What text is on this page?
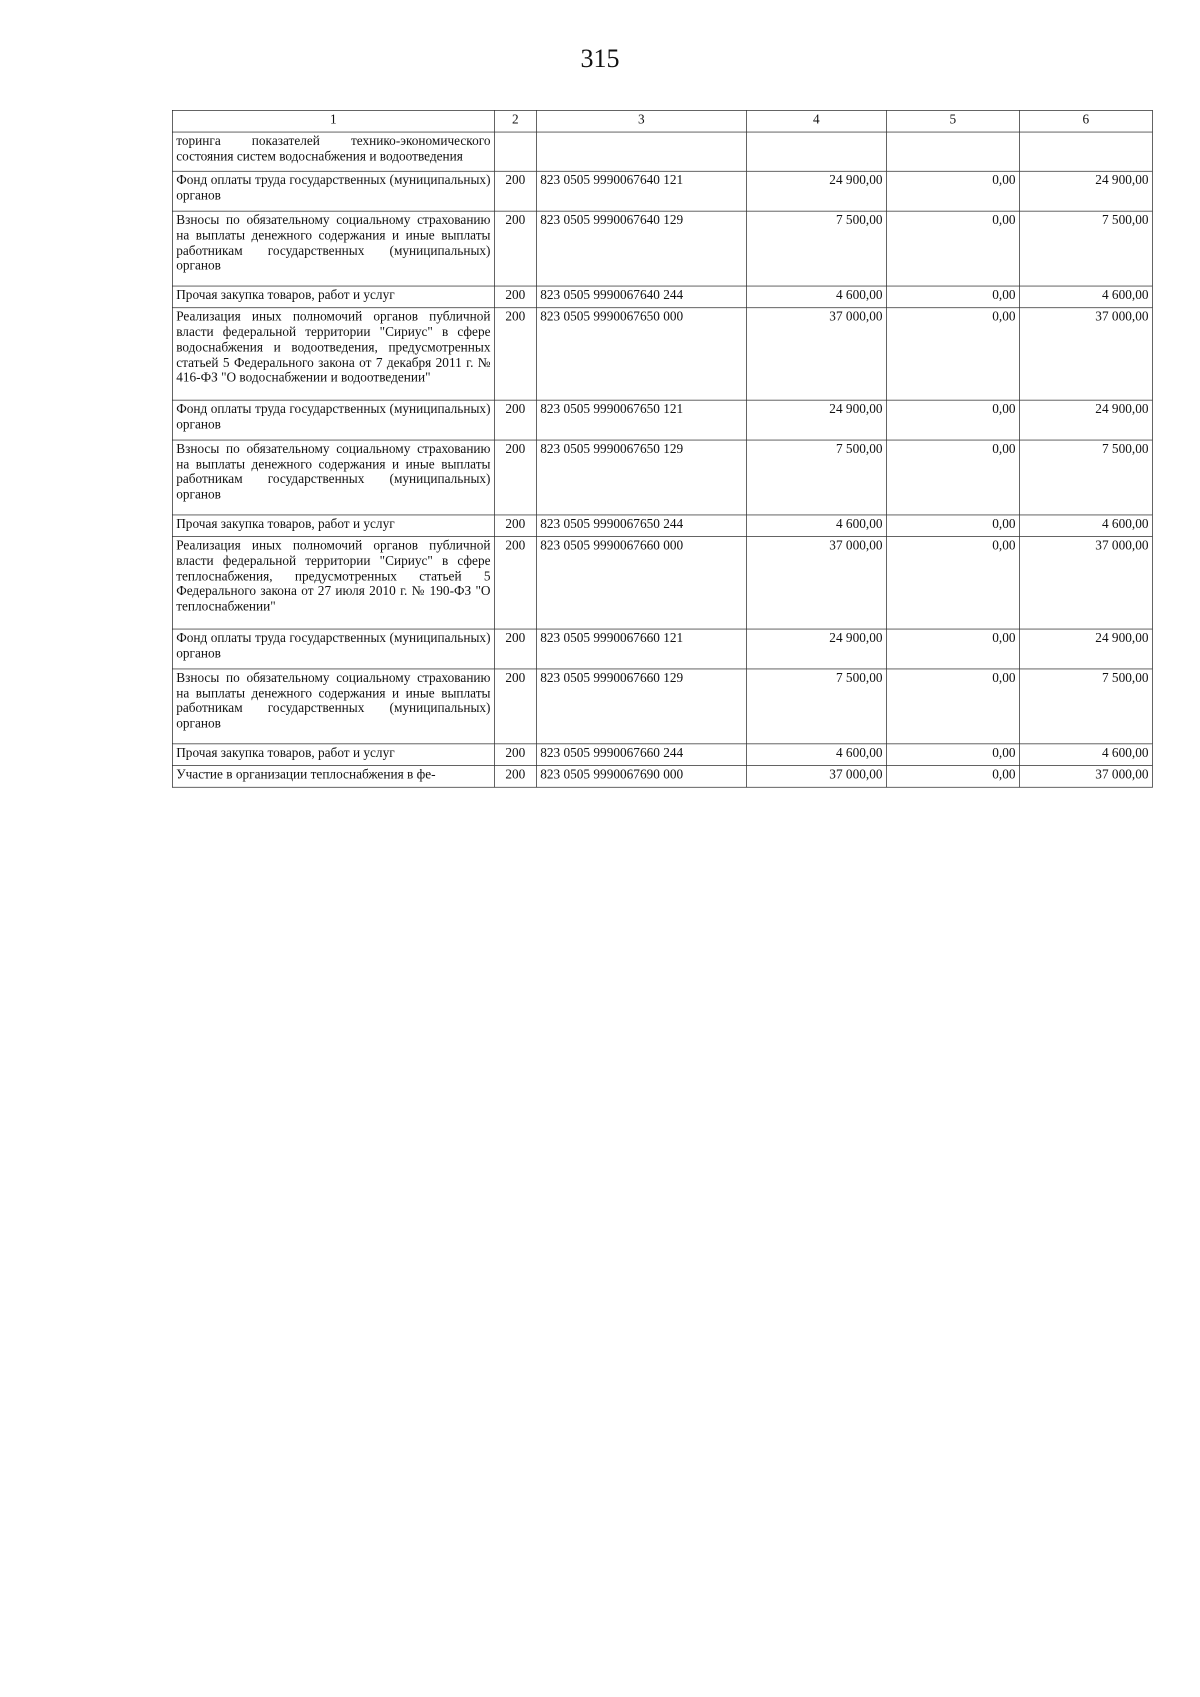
315
1	2	3	4	5	6
торинга показателей технико-экономического состояния систем водоснабжения и водоотведения					
Фонд оплаты труда государственных (муниципальных) органов	200	823 0505 9990067640 121	24 900,00	0,00	24 900,00
Взносы по обязательному социальному страхованию на выплаты денежного содержания и иные выплаты работникам государственных (муниципальных) органов	200	823 0505 9990067640 129	7 500,00	0,00	7 500,00
Прочая закупка товаров, работ и услуг	200	823 0505 9990067640 244	4 600,00	0,00	4 600,00
Реализация иных полномочий органов публичной власти федеральной территории "Сириус" в сфере водоснабжения и водоотведения, предусмотренных статьей 5 Федерального закона от 7 декабря 2011 г. № 416-ФЗ "О водоснабжении и водоотведении"	200	823 0505 9990067650 000	37 000,00	0,00	37 000,00
Фонд оплаты труда государственных (муниципальных) органов	200	823 0505 9990067650 121	24 900,00	0,00	24 900,00
Взносы по обязательному социальному страхованию на выплаты денежного содержания и иные выплаты работникам государственных (муниципальных) органов	200	823 0505 9990067650 129	7 500,00	0,00	7 500,00
Прочая закупка товаров, работ и услуг	200	823 0505 9990067650 244	4 600,00	0,00	4 600,00
Реализация иных полномочий органов публичной власти федеральной территории "Сириус" в сфере теплоснабжения, предусмотренных статьей 5 Федерального закона от 27 июля 2010 г. № 190-ФЗ "О теплоснабжении"	200	823 0505 9990067660 000	37 000,00	0,00	37 000,00
Фонд оплаты труда государственных (муниципальных) органов	200	823 0505 9990067660 121	24 900,00	0,00	24 900,00
Взносы по обязательному социальному страхованию на выплаты денежного содержания и иные выплаты работникам государственных (муниципальных) органов	200	823 0505 9990067660 129	7 500,00	0,00	7 500,00
Прочая закупка товаров, работ и услуг	200	823 0505 9990067660 244	4 600,00	0,00	4 600,00
Участие в организации теплоснабжения в фе-	200	823 0505 9990067690 000	37 000,00	0,00	37 000,00
